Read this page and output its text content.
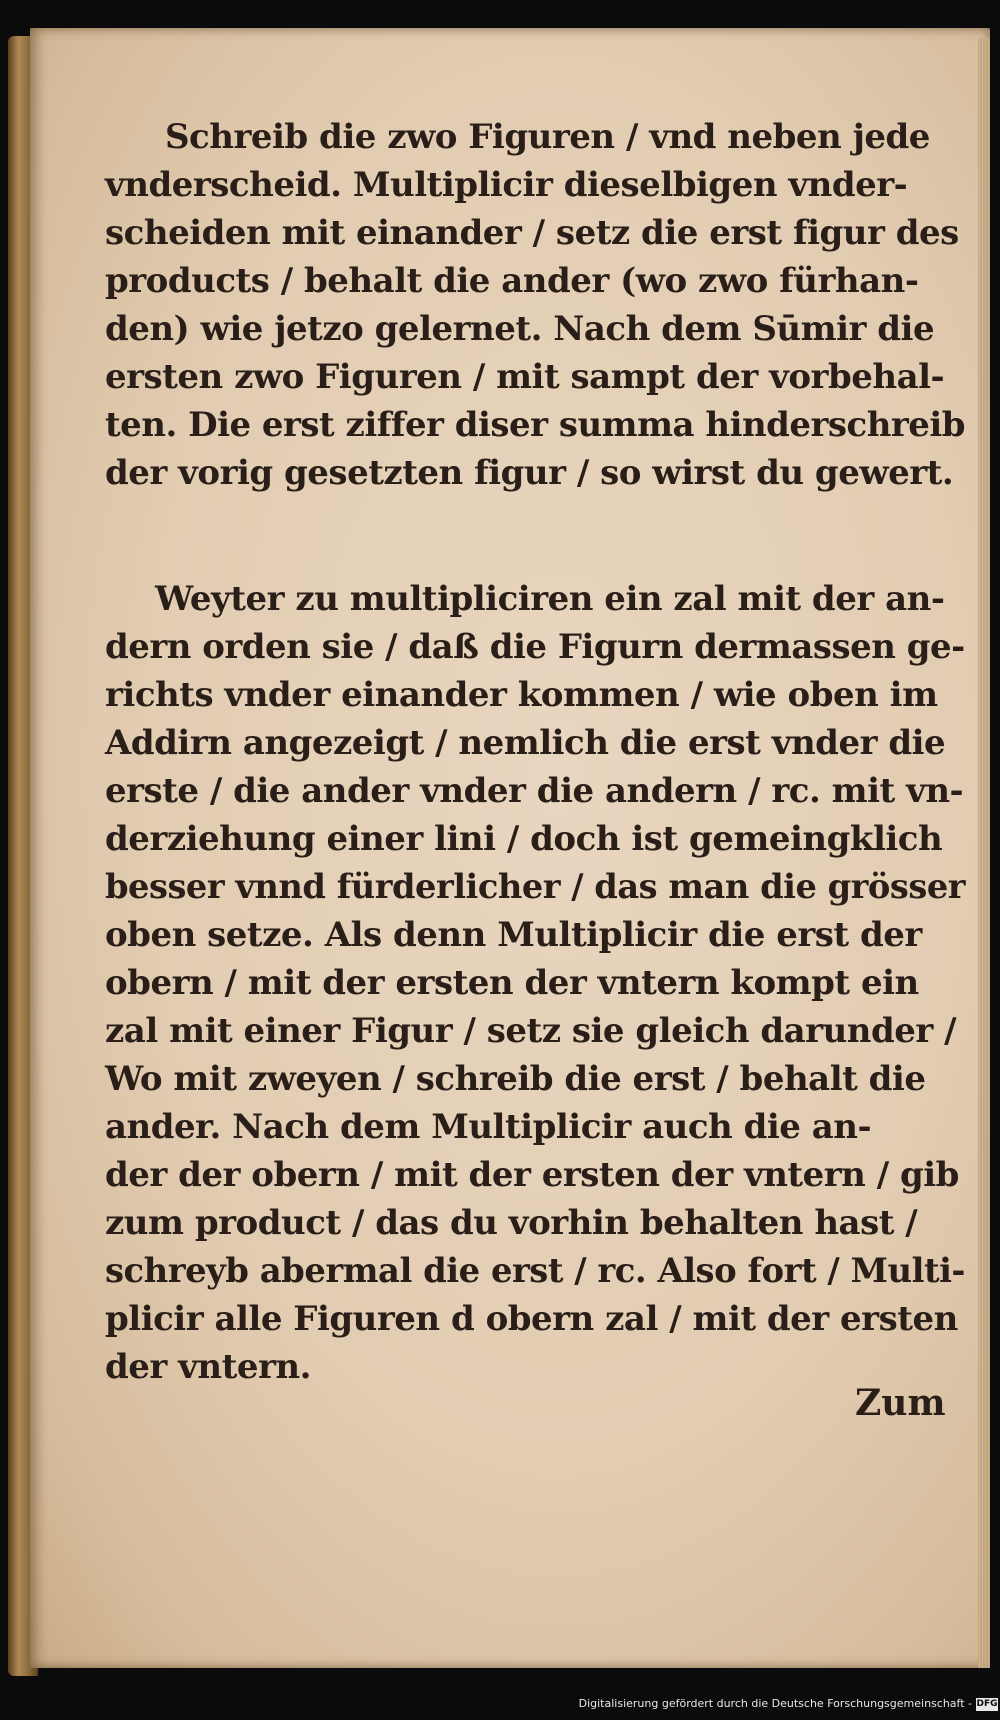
Schreib die zwo Figuren / vnd neben jede
vnderscheid. Multiplicir dieselbigen vnder-
scheiden mit einander / setz die erst figur des
products / behalt die ander (wo zwo fürhan-
den) wie jetzo gelernet. Nach dem Sūmir die
ersten zwo Figuren / mit sampt der vorbehal-
ten. Die erst ziffer diser summa hinderschreib
der vorig gesetzten figur / so wirst du gewert.
Weyter zu multipliciren ein zal mit der an-
dern orden sie / daß die Figurn dermassen ge-
richts vnder einander kommen / wie oben im
Addirn angezeigt / nemlich die erst vnder die
erste / die ander vnder die andern / rc. mit vn-
derziehung einer lini / doch ist gemeingklich
besser vnnd fürderlicher / das man die grösser
oben setze. Als denn Multiplicir die erst der
obern / mit der ersten der vntern kompt ein
zal mit einer Figur / setz sie gleich darunder /
Wo mit zweyen / schreib die erst / behalt die
ander. Nach dem Multiplicir auch die an-
der der obern / mit der ersten der vntern / gib
zum product / das du vorhin behalten hast /
schreyb abermal die erst / rc. Also fort / Multi-
plicir alle Figuren d obern zal / mit der ersten
der vntern.
Zum
Digitalisierung gefördert durch die Deutsche Forschungsgemeinschaft - DFG
